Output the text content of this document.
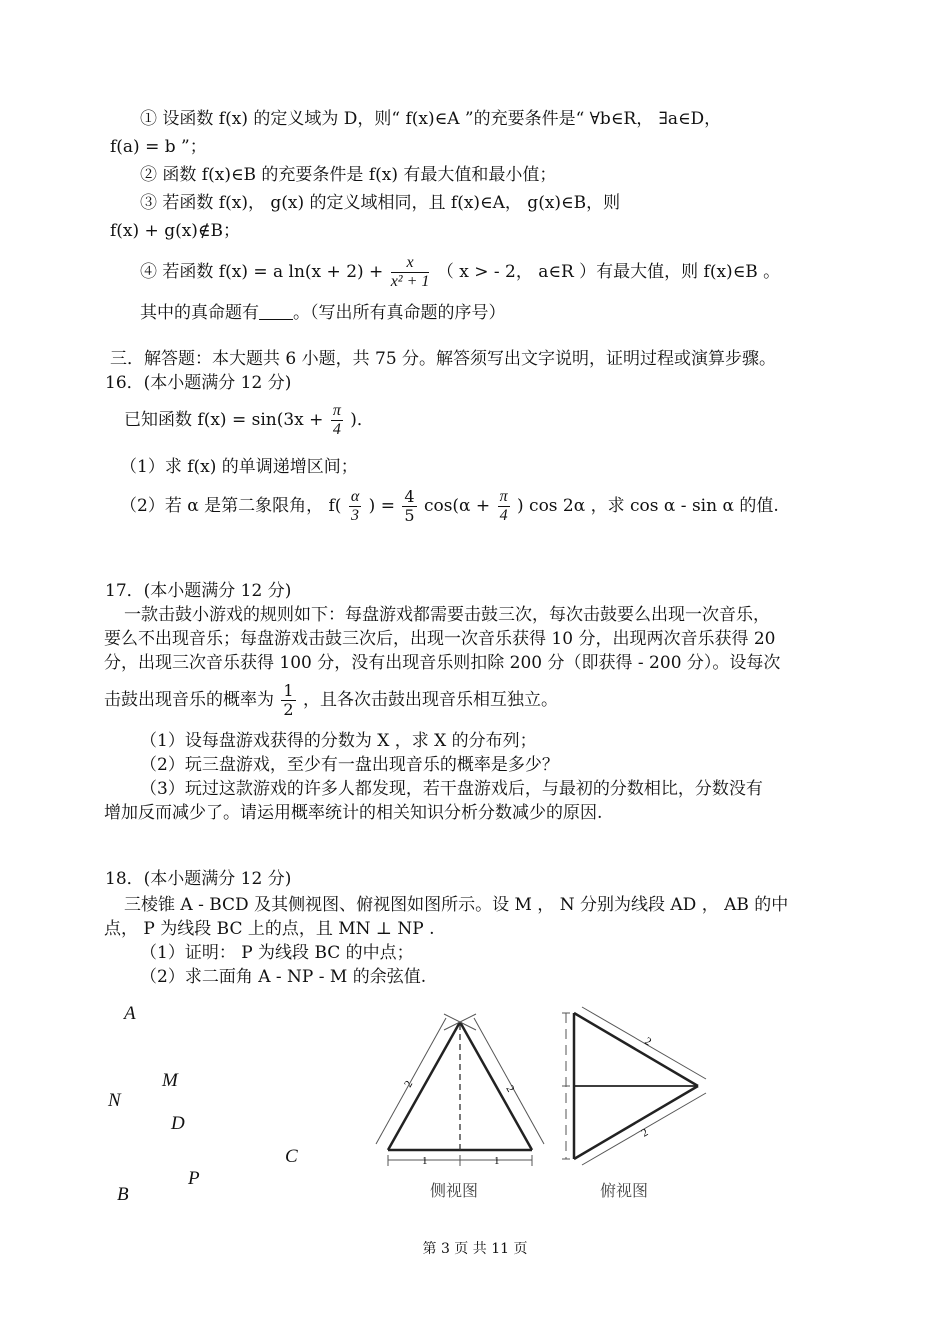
① 设函数 f(x) 的定义域为 D，则“ f(x)∈A ”的充要条件是“ ∀b∈R， ∃a∈D，
f(a) = b ”；
② 函数 f(x)∈B 的充要条件是 f(x) 有最大值和最小值；
③ 若函数 f(x)， g(x) 的定义域相同，且 f(x)∈A， g(x)∈B，则
f(x) + g(x)∉B；
④ 若函数 f(x) = a $\ln(x + 2) + \frac{x}{\text{x² + 1}}$ （ x > - 2， a∈R ）有最大值，则 f(x)∈B 。
其中的真命题有 。（写出所有真命题的序号）
三．解答题：本大题共 6 小题，共 75 分。解答须写出文字说明，证明过程或演算步骤。
16．(本小题满分 12 分)
已知函数 $f(x) = \sin(3x + \frac{\pi}{4}$ )．
（1）求 f(x) 的单调递增区间；
（2）若 α 是第二象限角， $f( \frac{\alpha}{3}$ ) = $\frac{4}{5} \cos(\alpha + \frac{\pi}{4}$ ) cos 2α ，求 cos α - sin α 的值.
17．(本小题满分 12 分)
一款击鼓小游戏的规则如下：每盘游戏都需要击鼓三次，每次击鼓要么出现一次音乐，
要么不出现音乐；每盘游戏击鼓三次后，出现一次音乐获得 10 分，出现两次音乐获得 20
分，出现三次音乐获得 100 分，没有出现音乐则扣除 200 分（即获得 - 200 分）。设每次
击鼓出现音乐的概率为 $\frac{1}{2}$ ，且各次击鼓出现音乐相互独立。
（1）设每盘游戏获得的分数为 X ，求 X 的分布列；
（2）玩三盘游戏，至少有一盘出现音乐的概率是多少？
（3）玩过这款游戏的许多人都发现，若干盘游戏后，与最初的分数相比，分数没有
增加反而减少了。请运用概率统计的相关知识分析分数减少的原因.
18．(本小题满分 12 分)
三棱锥 A - BCD 及其侧视图、俯视图如图所示。设 M ， N 分别为线段 AD ， AB 的中
点， P 为线段 BC 上的点，且 MN ⊥ NP .
（1）证明： P 为线段 BC 的中点；
（2）求二面角 A - NP - M 的余弦值.
A
M
N
D
C
P
B
2	2
1	1
侧视图
2
2
俯视图
第 3 页 共 11 页
